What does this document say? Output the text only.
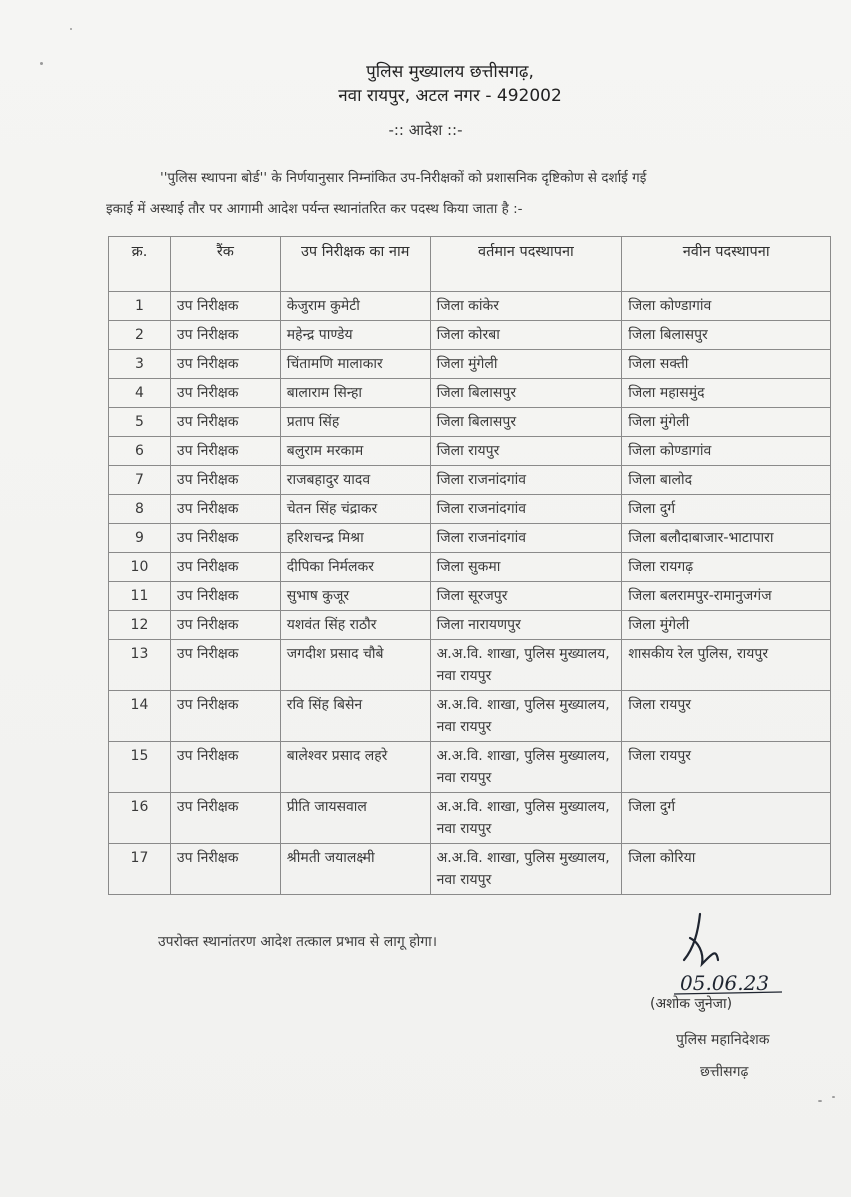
पुलिस मुख्यालय छत्तीसगढ़,
नवा रायपुर, अटल नगर - 492002
-:: आदेश ::-
''पुलिस स्थापना बोर्ड'' के निर्णयानुसार निम्नांकित उप-निरीक्षकों को प्रशासनिक दृष्टिकोण से दर्शाई गई
इकाई में अस्थाई तौर पर आगामी आदेश पर्यन्त स्थानांतरित कर पदस्थ किया जाता है :-
क्र.	रैंक	उप निरीक्षक का नाम	वर्तमान पदस्थापना	नवीन पदस्थापना
1	उप निरीक्षक	केजुराम कुमेटी	जिला कांकेर	जिला कोण्डागांव
2	उप निरीक्षक	महेन्द्र पाण्डेय	जिला कोरबा	जिला बिलासपुर
3	उप निरीक्षक	चिंतामणि मालाकार	जिला मुंगेली	जिला सक्ती
4	उप निरीक्षक	बालाराम सिन्हा	जिला बिलासपुर	जिला महासमुंद
5	उप निरीक्षक	प्रताप सिंह	जिला बिलासपुर	जिला मुंगेली
6	उप निरीक्षक	बलुराम मरकाम	जिला रायपुर	जिला कोण्डागांव
7	उप निरीक्षक	राजबहादुर यादव	जिला राजनांदगांव	जिला बालोद
8	उप निरीक्षक	चेतन सिंह चंद्राकर	जिला राजनांदगांव	जिला दुर्ग
9	उप निरीक्षक	हरिशचन्द्र मिश्रा	जिला राजनांदगांव	जिला बलौदाबाजार-भाटापारा
10	उप निरीक्षक	दीपिका निर्मलकर	जिला सुकमा	जिला रायगढ़
11	उप निरीक्षक	सुभाष कुजूर	जिला सूरजपुर	जिला बलरामपुर-रामानुजगंज
12	उप निरीक्षक	यशवंत सिंह राठौर	जिला नारायणपुर	जिला मुंगेली
13	उप निरीक्षक	जगदीश प्रसाद चौबे	अ.अ.वि. शाखा, पुलिस मुख्यालय, नवा रायपुर	शासकीय रेल पुलिस, रायपुर
14	उप निरीक्षक	रवि सिंह बिसेन	अ.अ.वि. शाखा, पुलिस मुख्यालय, नवा रायपुर	जिला रायपुर
15	उप निरीक्षक	बालेश्वर प्रसाद लहरे	अ.अ.वि. शाखा, पुलिस मुख्यालय, नवा रायपुर	जिला रायपुर
16	उप निरीक्षक	प्रीति जायसवाल	अ.अ.वि. शाखा, पुलिस मुख्यालय, नवा रायपुर	जिला दुर्ग
17	उप निरीक्षक	श्रीमती जयालक्ष्मी	अ.अ.वि. शाखा, पुलिस मुख्यालय, नवा रायपुर	जिला कोरिया
उपरोक्त स्थानांतरण आदेश तत्काल प्रभाव से लागू होगा।
05.06.23
(अशोक जुनेजा)
पुलिस महानिदेशक
छत्तीसगढ़
